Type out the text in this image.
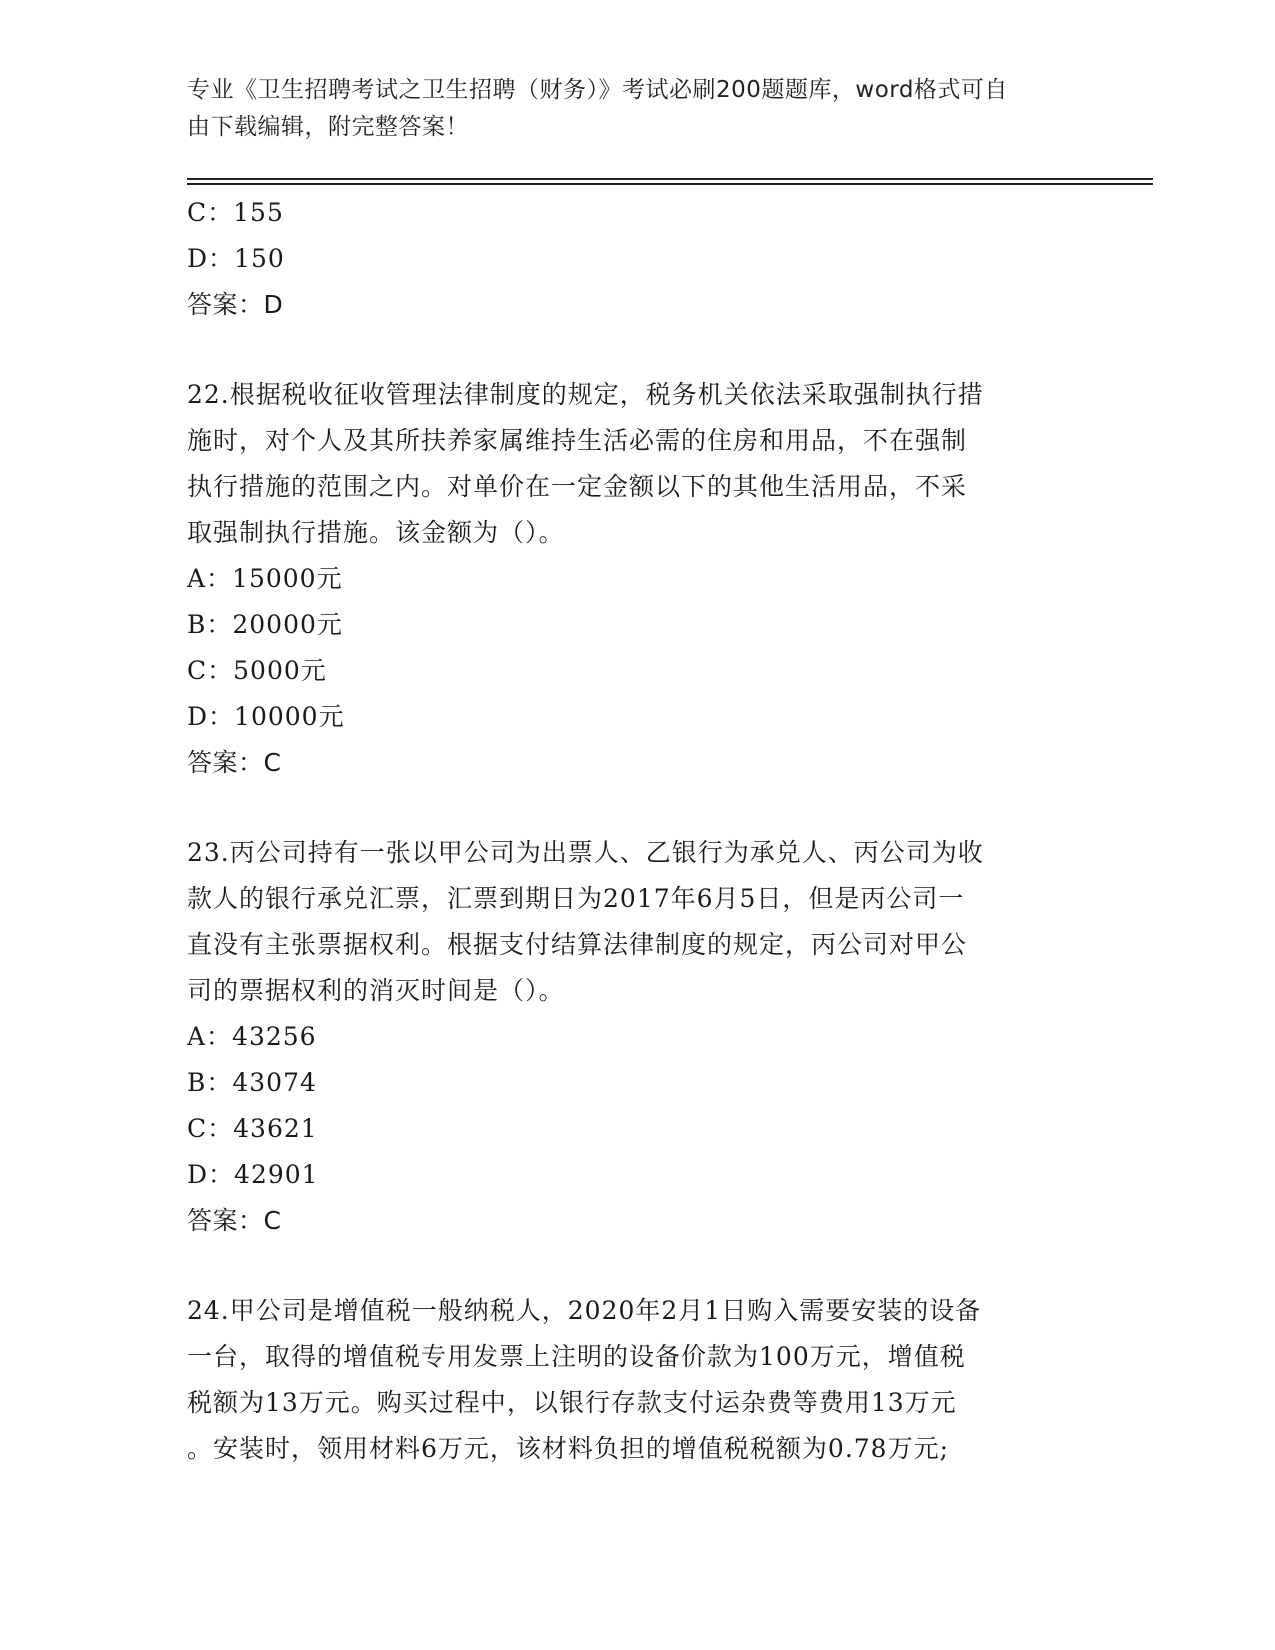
专业《卫生招聘考试之卫生招聘（财务）》考试必刷200题题库，word格式可自
由下载编辑，附完整答案！
C：155
D：150
答案：D
22.根据税收征收管理法律制度的规定，税务机关依法采取强制执行措
施时，对个人及其所扶养家属维持生活必需的住房和用品，不在强制
执行措施的范围之内。对单价在一定金额以下的其他生活用品，不采
取强制执行措施。该金额为（）。
A：15000元
B：20000元
C：5000元
D：10000元
答案：C
23.丙公司持有一张以甲公司为出票人、乙银行为承兑人、丙公司为收
款人的银行承兑汇票，汇票到期日为2017年6月5日，但是丙公司一
直没有主张票据权利。根据支付结算法律制度的规定，丙公司对甲公
司的票据权利的消灭时间是（）。
A：43256
B：43074
C：43621
D：42901
答案：C
24.甲公司是增值税一般纳税人，2020年2月1日购入需要安装的设备
一台，取得的增值税专用发票上注明的设备价款为100万元，增值税
税额为13万元。购买过程中，以银行存款支付运杂费等费用13万元
。安装时，领用材料6万元，该材料负担的增值税税额为0.78万元;
